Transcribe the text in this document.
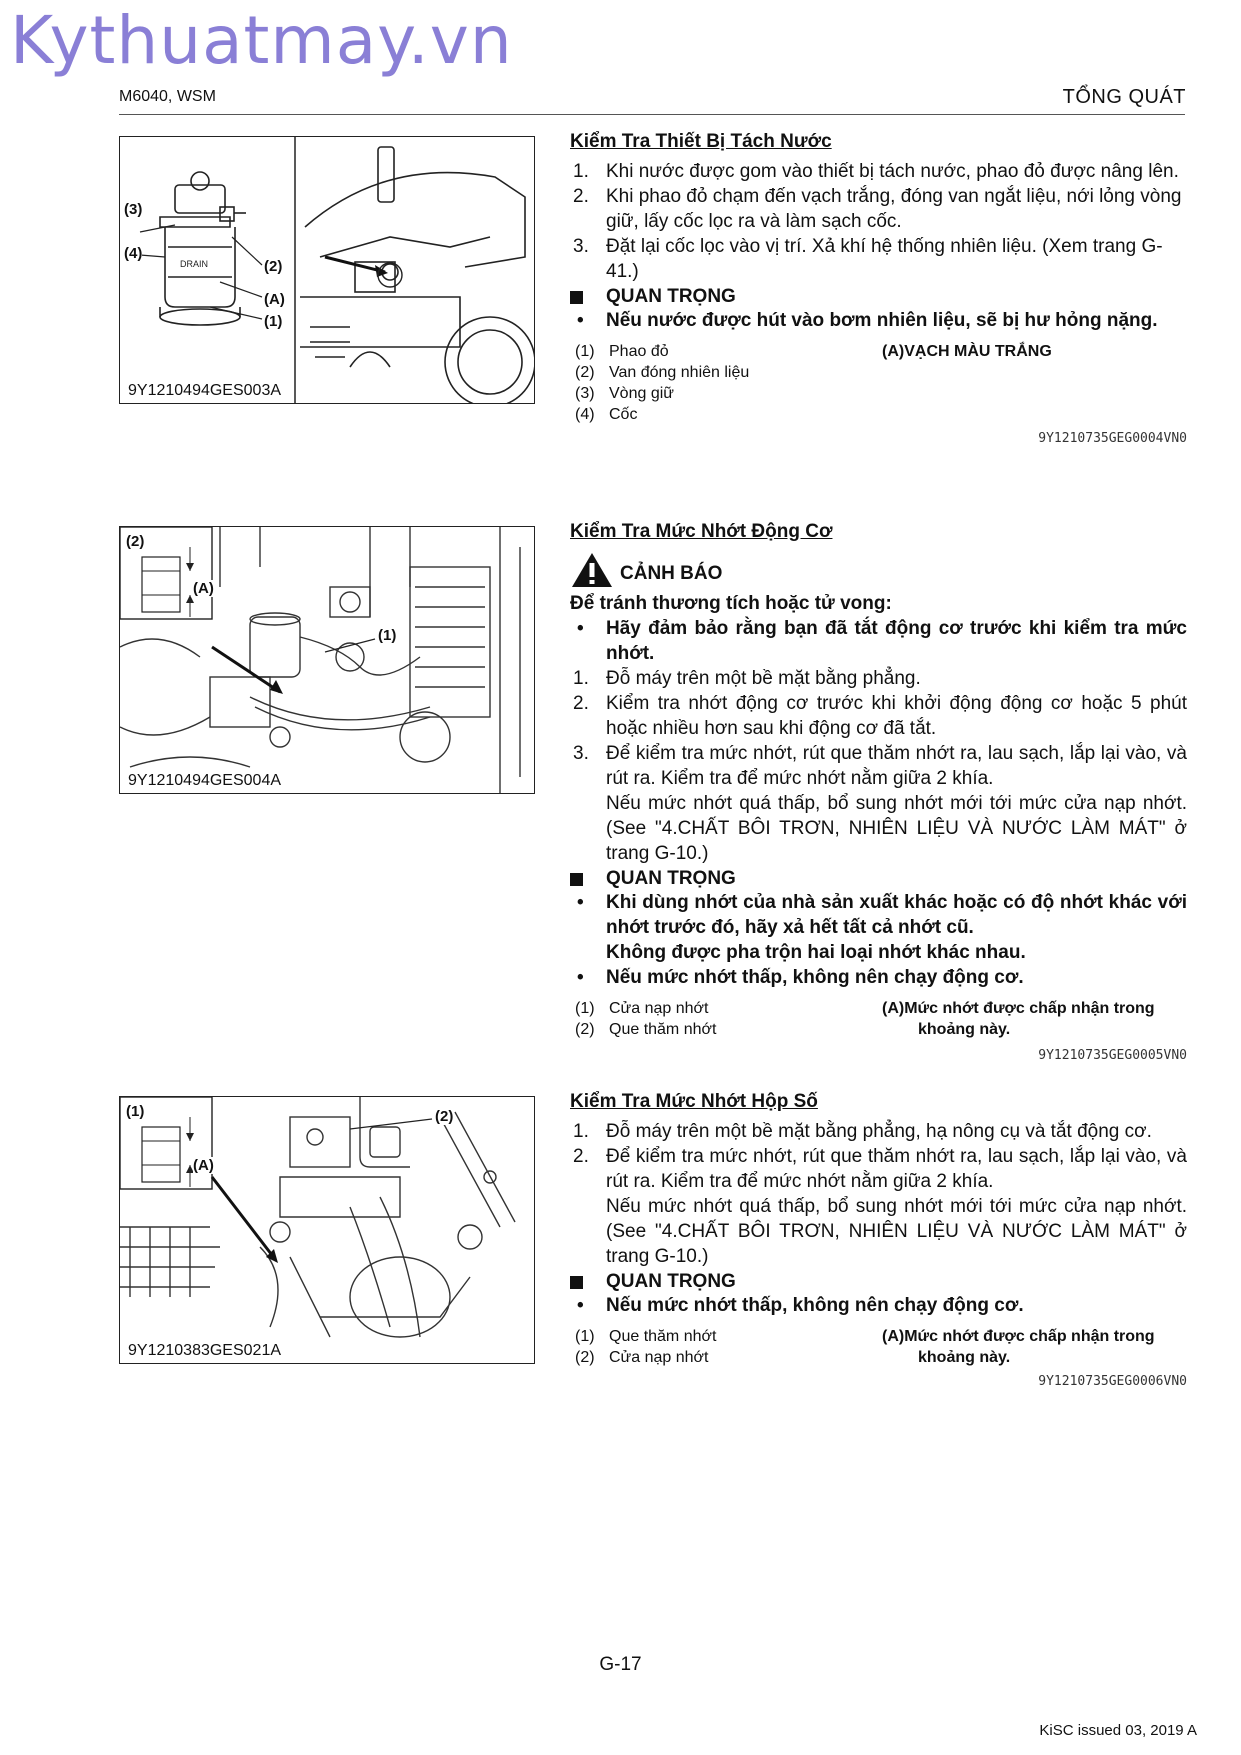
Kythuatmay.vn
M6040, WSM	TỔNG QUÁT
DRAIN
(3)
(4)
(2)
(A)
(1)
9Y1210494GES003A
(2)
(A)
(1)
9Y1210494GES004A
(1)
(A)
(2)
9Y1210383GES021A
Kiểm Tra Thiết Bị Tách Nước
1. Khi nước được gom vào thiết bị tách nước, phao đỏ được nâng lên.
2. Khi phao đỏ chạm đến vạch trắng, đóng van ngắt liệu, nới lỏng vòng giữ, lấy cốc lọc ra và làm sạch cốc.
3. Đặt lại cốc lọc vào vị trí. Xả khí hệ thống nhiên liệu. (Xem trang G-41.)
QUAN TRỌNG
• Nếu nước được hút vào bơm nhiên liệu, sẽ bị hư hỏng nặng.
(1) Phao đỏ
(2) Van đóng nhiên liệu
(3) Vòng giữ
(4) Cốc
(A)VẠCH MÀU TRẮNG
9Y1210735GEG0004VN0
Kiểm Tra Mức Nhớt Động Cơ
CẢNH BÁO
Để tránh thương tích hoặc tử vong:
• Hãy đảm bảo rằng bạn đã tắt động cơ trước khi kiểm tra mức nhớt.
1. Đỗ máy trên một bề mặt bằng phẳng.
2. Kiểm tra nhớt động cơ trước khi khởi động động cơ hoặc 5 phút hoặc nhiều hơn sau khi động cơ đã tắt.
3. Để kiểm tra mức nhớt, rút que thăm nhớt ra, lau sạch, lắp lại vào, và rút ra. Kiểm tra để mức nhớt nằm giữa 2 khía.
Nếu mức nhớt quá thấp, bổ sung nhớt mới tới mức cửa nạp nhớt. (See "4.CHẤT BÔI TRƠN, NHIÊN LIỆU VÀ NƯỚC LÀM MÁT" ở trang G-10.)
QUAN TRỌNG
• Khi dùng nhớt của nhà sản xuất khác hoặc có độ nhớt khác với nhớt trước đó, hãy xả hết tất cả nhớt cũ.
Không được pha trộn hai loại nhớt khác nhau.
• Nếu mức nhớt thấp, không nên chạy động cơ.
(1) Cửa nạp nhớt
(2) Que thăm nhớt
(A)Mức nhớt được chấp nhận trong khoảng này.
9Y1210735GEG0005VN0
Kiểm Tra Mức Nhớt Hộp Số
1. Đỗ máy trên một bề mặt bằng phẳng, hạ nông cụ và tắt động cơ.
2. Để kiểm tra mức nhớt, rút que thăm nhớt ra, lau sạch, lắp lại vào, và rút ra. Kiểm tra để mức nhớt nằm giữa 2 khía.
Nếu mức nhớt quá thấp, bổ sung nhớt mới tới mức cửa nạp nhớt. (See "4.CHẤT BÔI TRƠN, NHIÊN LIỆU VÀ NƯỚC LÀM MÁT" ở trang G-10.)
QUAN TRỌNG
• Nếu mức nhớt thấp, không nên chạy động cơ.
(1) Que thăm nhớt
(2) Cửa nạp nhớt
(A)Mức nhớt được chấp nhận trong khoảng này.
9Y1210735GEG0006VN0
G-17
KiSC issued 03, 2019 A
